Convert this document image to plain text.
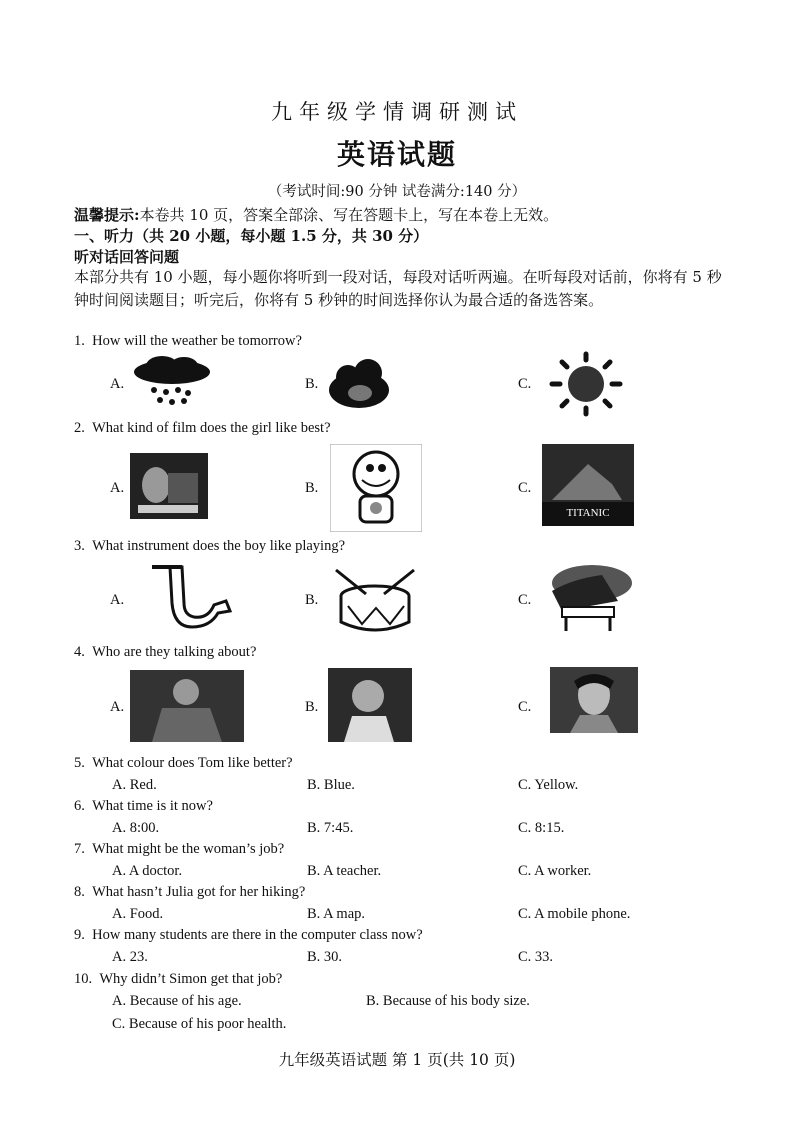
九年级学情调研测试
英语试题
（考试时间:90 分钟 试卷满分:140 分）
温馨提示:本卷共 10 页，答案全部涂、写在答题卡上，写在本卷上无效。
一、听力（共 20 小题，每小题 1.5 分，共 30 分）
听对话回答问题
本部分共有 10 小题，每小题你将听到一段对话，每段对话听两遍。在听每段对话前，你将有 5 秒钟时间阅读题目；听完后，你将有 5 秒钟的时间选择你认为最合适的备选答案。
1. How will the weather be tomorrow?
A.	B.	C.
2. What kind of film does the girl like best?
A.	B.	C.
TITANIC
3. What instrument does the boy like playing?
A.	B.	C.
4. Who are they talking about?
A.	B.	C.
5. What colour does Tom like better?
A. Red.	B. Blue.	C. Yellow.
6. What time is it now?
A. 8:00.	B. 7:45.	C. 8:15.
7. What might be the woman’s job?
A. A doctor.	B. A teacher.	C. A worker.
8. What hasn’t Julia got for her hiking?
A. Food.	B. A map.	C. A mobile phone.
9. How many students are there in the computer class now?
A. 23.	B. 30.	C. 33.
10. Why didn’t Simon get that job?
A. Because of his age.	B. Because of his body size.
C. Because of his poor health.
九年级英语试题 第 1 页(共 10 页)
